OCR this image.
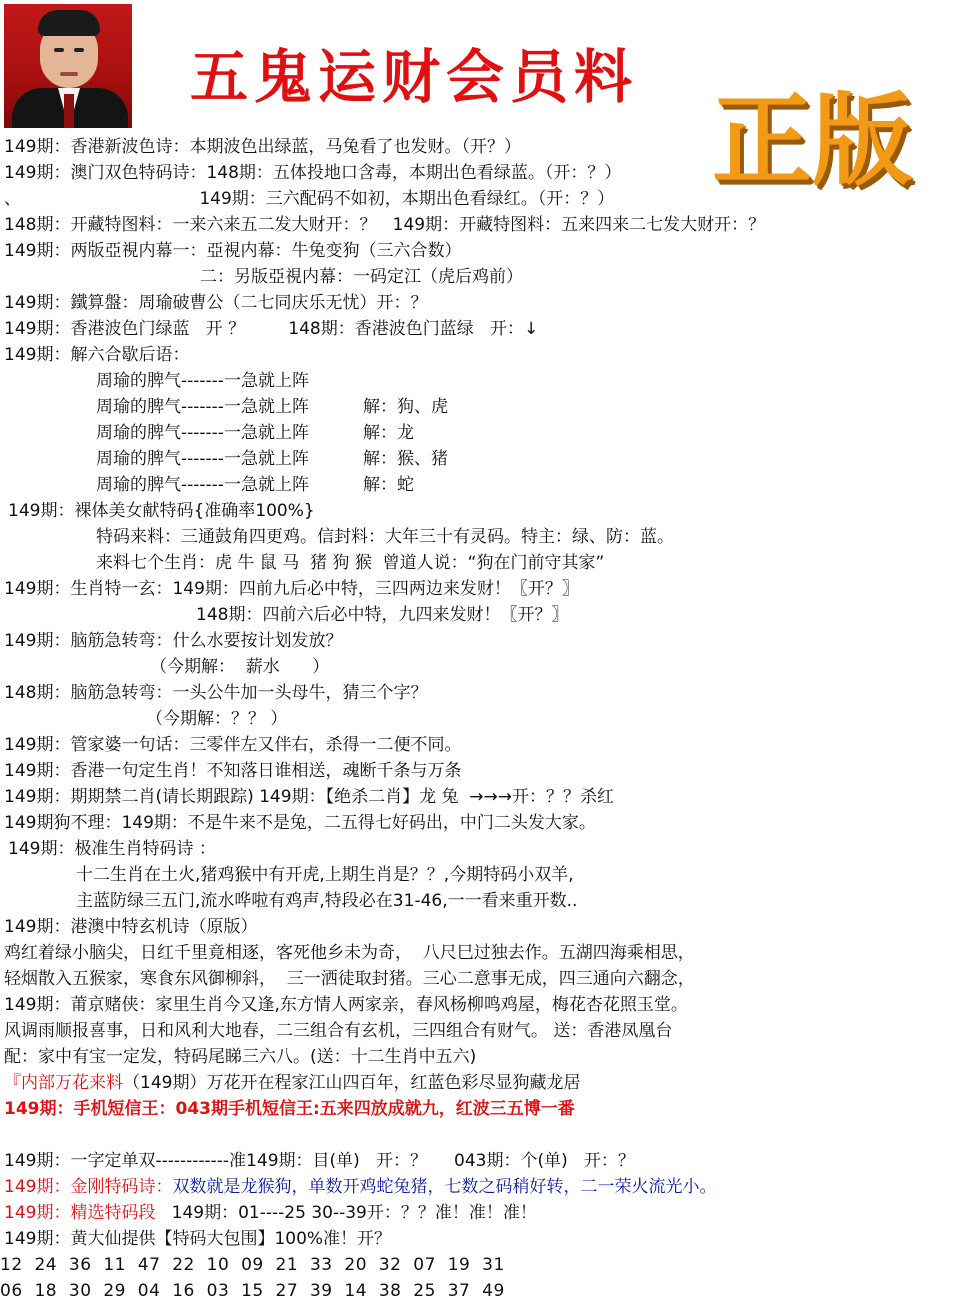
五鬼运财会员料
正版
『内部万花来料（149期）万花开在程家江山四百年，红蓝色彩尽显狗藏龙居
149期：手机短信王：043期手机短信王:五来四放成就九，红波三五博一番
149期：金刚特码诗：双数就是龙猴狗，单数开鸡蛇兔猪，七数之码稍好转，二一荣火流光小。
149期：精选特码段   149期：01----25 30--39开：？？准！准！准！
12  24  36  11  47  22  10  09  21  33  20  32  07  19  31
06  18  30  29  04  16  03  15  27  39  14  38  25  37  49
149期：香港新波色诗：本期波色出绿蓝，马兔看了也发财。（开？）
149期：澳门双色特码诗：148期：五体投地口含毒，本期出色看绿蓝。（开：？）
、                                 149期：三六配码不如初，本期出色看绿红。（开：？）
148期：开藏特图料：一来六来五二发大财开：？   149期：开藏特图料：五来四来二七发大财开：？
149期：两版亞視内幕一：亞視内幕：牛兔变狗（三六合数）
二：另版亞視内幕：一码定江（虎后鸡前）
149期：鐵算盤：周瑜破曹公（二七同庆乐无忧）开：？
149期：香港波色门绿蓝   开 ？        148期：香港波色门蓝绿   开：↓
149期：解六合歇后语：
周瑜的脾气-------一急就上阵
周瑜的脾气-------一急就上阵          解：狗、虎
周瑜的脾气-------一急就上阵          解：龙
周瑜的脾气-------一急就上阵          解：猴、猪
周瑜的脾气-------一急就上阵          解：蛇
149期：裸体美女献特码{准确率100%}
特码来料：三通鼓角四更鸡。信封料：大年三十有灵码。特主：绿、防：蓝。
来料七个生肖：虎 牛 鼠 马  猪 狗 猴  曾道人说：“狗在门前守其家”
149期：生肖特一玄：149期：四前九后必中特，三四两边来发财！〖开？〗
148期：四前六后必中特，九四来发财！〖开？〗
149期：脑筋急转弯：什么水要按计划发放？
（今期解：  薪水      ）
148期：脑筋急转弯：一头公牛加一头母牛，猜三个字？
（今期解：？？ ）
149期：管家婆一句话：三零伴左又伴右，杀得一二便不同。
149期：香港一句定生肖！不知落日谁相送，魂断千条与万条
149期：期期禁二肖(请长期跟踪) 149期：【绝杀二肖】龙 兔  →→→开：？？杀红
149期狗不理：149期：不是牛来不是兔，二五得七好码出，中门二头发大家。
149期：极准生肖特码诗 ：
十二生肖在土火,猪鸡猴中有开虎,上期生肖是？？,今期特码小双羊,
主蓝防绿三五门,流水哗啦有鸡声,特段必在31-46,一一看来重开数..
149期：港澳中特玄机诗（原版）
鸡红着绿小脑尖，日红千里竟相逐，客死他乡未为奇，  八尺巳过独去作。五湖四海乘相思，
轻烟散入五猴家，寒食东风御柳斜，  三一洒徒取封猪。三心二意事无成，四三通向六翻念，
149期：莆京赌侠：家里生肖今又逢,东方情人两家亲，春风杨柳鸣鸡屋，梅花杏花照玉堂。
风调雨顺报喜事，日和风利大地春，二三组合有玄机，三四组合有财气。 送：香港凤凰台
配：家中有宝一定发，特码尾睇三六八。(送：十二生肖中五六)
149期：一字定单双------------准149期：目(单)   开：？     043期：个(单)   开：？
149期：黄大仙提供【特码大包围】100%准！开？
